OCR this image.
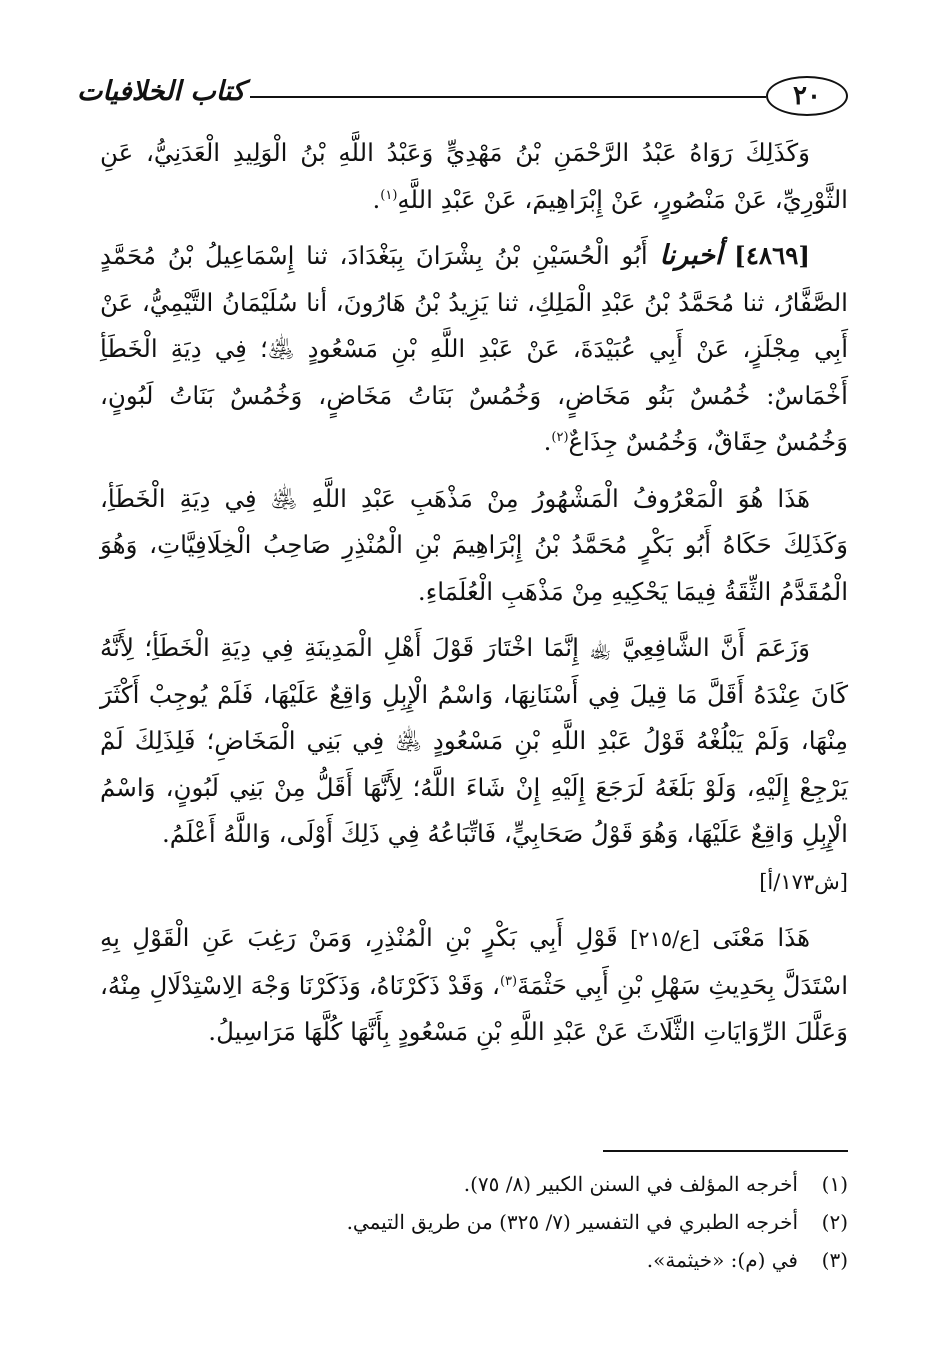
٢٠
كتاب الخلافيات

وَكَذَلِكَ رَوَاهُ عَبْدُ الرَّحْمَنِ بْنُ مَهْدِيٍّ وَعَبْدُ اللَّهِ بْنُ الْوَلِيدِ الْعَدَنِيُّ، عَنِ الثَّوْرِيِّ، عَنْ مَنْصُورٍ، عَنْ إِبْرَاهِيمَ، عَنْ عَبْدِ اللَّهِ$^{(١)}$.

[٤٨٦٩] أخبرنا أَبُو الْحُسَيْنِ بْنُ بِشْرَانَ بِبَغْدَادَ، ثنا إِسْمَاعِيلُ بْنُ مُحَمَّدٍ الصَّفَّارُ، ثنا مُحَمَّدُ بْنُ عَبْدِ الْمَلِكِ، ثنا يَزِيدُ بْنُ هَارُونَ، أنا سُلَيْمَانُ التَّيْمِيُّ، عَنْ أَبِي مِجْلَزٍ، عَنْ أَبِي عُبَيْدَةَ، عَنْ عَبْدِ اللَّهِ بْنِ مَسْعُودٍ ﵁؛ فِي دِيَةِ الْخَطَأِ أَخْمَاسٌ: خُمُسٌ بَنُو مَخَاضٍ، وَخُمُسٌ بَنَاتُ مَخَاضٍ، وَخُمُسٌ بَنَاتُ لَبُونٍ، وَخُمُسٌ حِقَاقٌ، وَخُمُسٌ جِذَاعٌ$^{(٢)}$.

هَذَا هُوَ الْمَعْرُوفُ الْمَشْهُورُ مِنْ مَذْهَبِ عَبْدِ اللَّهِ ﵁ فِي دِيَةِ الْخَطَأِ، وَكَذَلِكَ حَكَاهُ أَبُو بَكْرٍ مُحَمَّدُ بْنُ إِبْرَاهِيمَ بْنِ الْمُنْذِرِ صَاحِبُ الْخِلَافِيَّاتِ، وَهُوَ الْمُقَدَّمُ الثِّقَةُ فِيمَا يَحْكِيهِ مِنْ مَذْهَبِ الْعُلَمَاءِ.

وَزَعَمَ أَنَّ الشَّافِعِيَّ ﵀ إِنَّمَا اخْتَارَ قَوْلَ أَهْلِ الْمَدِينَةِ فِي دِيَةِ الْخَطَأِ؛ لِأَنَّهُ كَانَ عِنْدَهُ أَقَلَّ مَا قِيلَ فِي أَسْنَانِهَا، وَاسْمُ الْإِبِلِ وَاقِعٌ عَلَيْهَا، فَلَمْ يُوجِبْ أَكْثَرَ مِنْهَا، وَلَمْ يَبْلُغْهُ قَوْلُ عَبْدِ اللَّهِ بْنِ مَسْعُودٍ ﵁ فِي بَنِي الْمَخَاضِ؛ فَلِذَلِكَ لَمْ يَرْجِعْ إِلَيْهِ، وَلَوْ بَلَغَهُ لَرَجَعَ إِلَيْهِ إِنْ شَاءَ اللَّهُ؛ لِأَنَّهَا أَقَلُّ مِنْ بَنِي لَبُونٍ، وَاسْمُ الْإِبِلِ وَاقِعٌ عَلَيْهَا، وَهُوَ قَوْلُ صَحَابِيٍّ، فَاتِّبَاعُهُ فِي ذَلِكَ أَوْلَى، وَاللَّهُ أَعْلَمُ.
[ش١٧٣/أ]

هَذَا مَعْنَى [ع/٢١٥] قَوْلِ أَبِي بَكْرٍ بْنِ الْمُنْذِرِ، وَمَنْ رَغِبَ عَنِ الْقَوْلِ بِهِ اسْتَدَلَّ بِحَدِيثِ سَهْلِ بْنِ أَبِي حَثْمَةَ$^{(٣)}$، وَقَدْ ذَكَرْنَاهُ، وَذَكَرْنَا وَجْهَ الِاسْتِدْلَالِ مِنْهُ، وَعَلَّلَ الرِّوَايَاتِ الثَّلَاثَ عَنْ عَبْدِ اللَّهِ بْنِ مَسْعُودٍ بِأَنَّهَا كُلَّهَا مَرَاسِيلُ.

(١)
أخرجه المؤلف في السنن الكبير (٨/ ٧٥).
(٢)
أخرجه الطبري في التفسير (٧/ ٣٢٥) من طريق التيمي.
(٣)
في (م): «خيثمة».
